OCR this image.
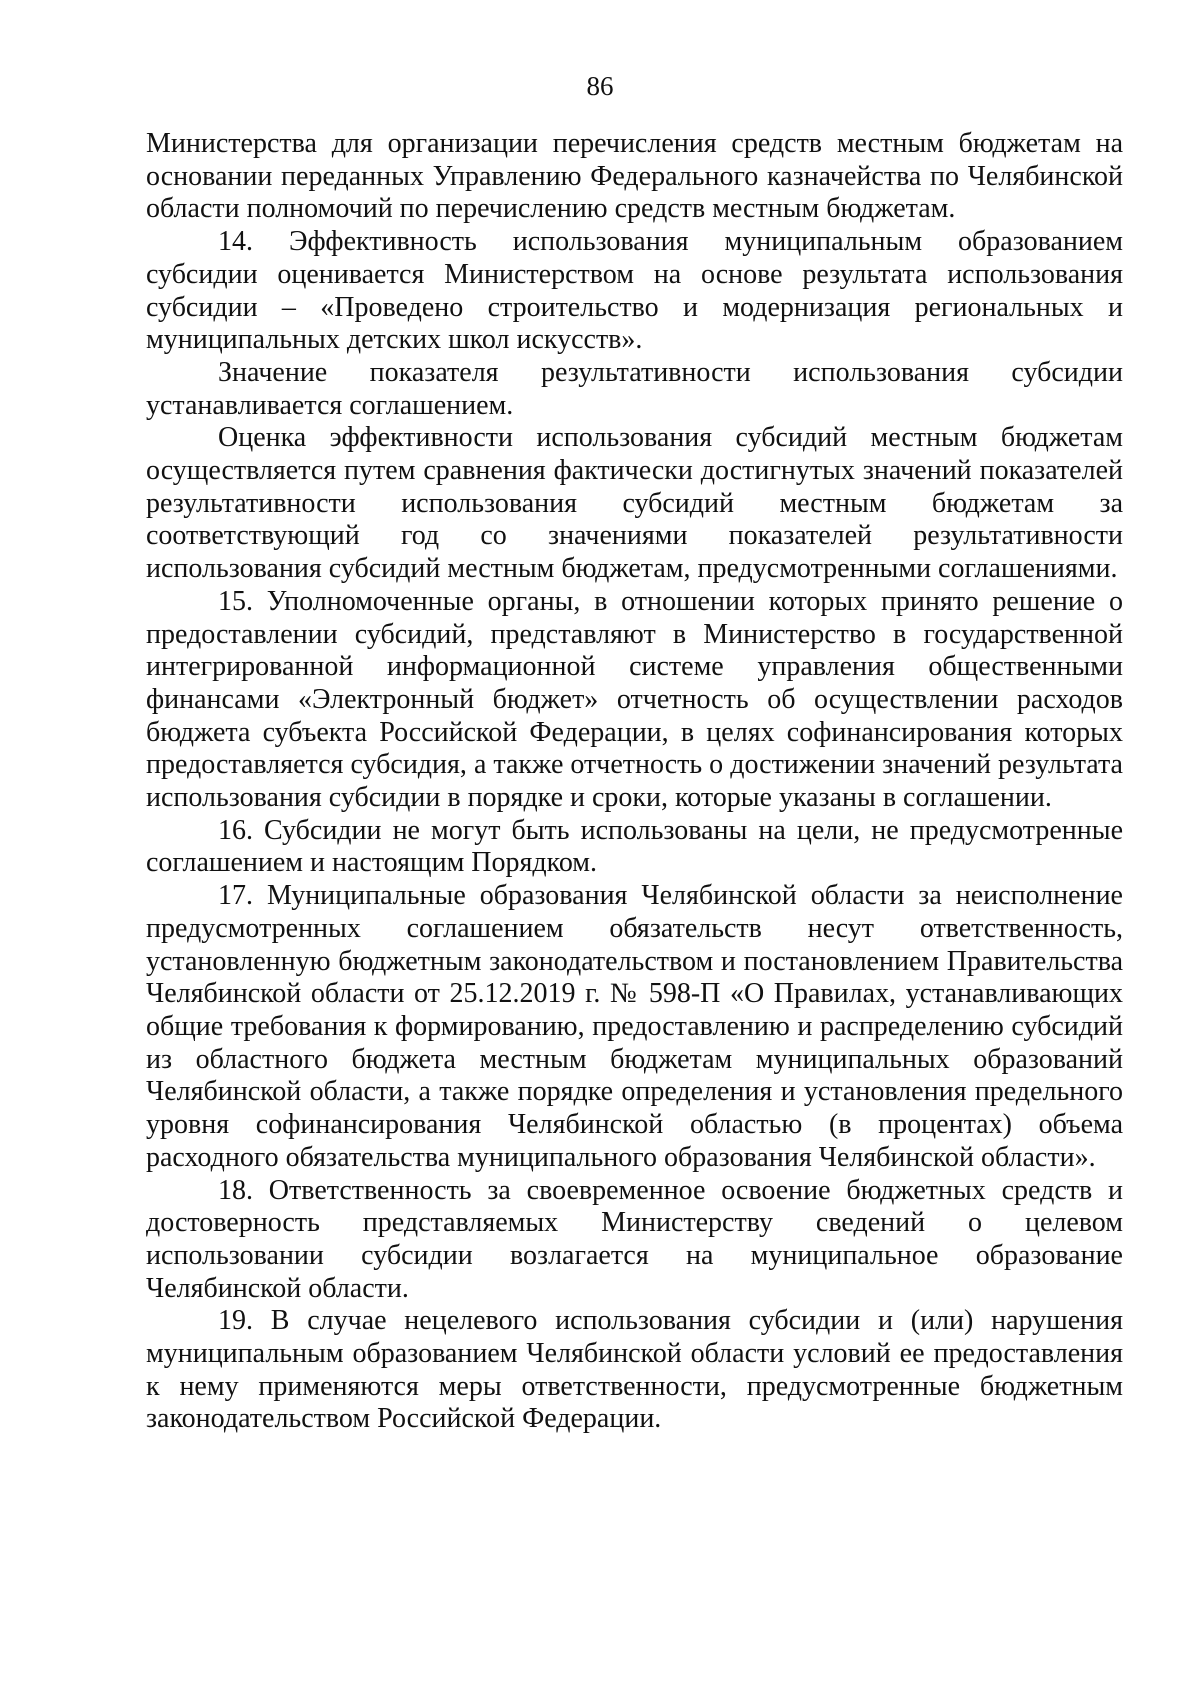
86

Министерства для организации перечисления средств местным бюджетам на основании переданных Управлению Федерального казначейства по Челябинской области полномочий по перечислению средств местным бюджетам.

14. Эффективность использования муниципальным образованием субсидии оценивается Министерством на основе результата использования субсидии – «Проведено строительство и модернизация региональных и муниципальных детских школ искусств».

Значение показателя результативности использования субсидии устанавливается соглашением.

Оценка эффективности использования субсидий местным бюджетам осуществляется путем сравнения фактически достигнутых значений показателей результативности использования субсидий местным бюджетам за соответствующий год со значениями показателей результативности использования субсидий местным бюджетам, предусмотренными соглашениями.

15. Уполномоченные органы, в отношении которых принято решение о предоставлении субсидий, представляют в Министерство в государственной интегрированной информационной системе управления общественными финансами «Электронный бюджет» отчетность об осуществлении расходов бюджета субъекта Российской Федерации, в целях софинансирования которых предоставляется субсидия, а также отчетность о достижении значений результата использования субсидии в порядке и сроки, которые указаны в соглашении.

16. Субсидии не могут быть использованы на цели, не предусмотренные соглашением и настоящим Порядком.

17. Муниципальные образования Челябинской области за неисполнение предусмотренных соглашением обязательств несут ответственность, установленную бюджетным законодательством и постановлением Правительства Челябинской области от 25.12.2019 г. № 598-П «О Правилах, устанавливающих общие требования к формированию, предоставлению и распределению субсидий из областного бюджета местным бюджетам муниципальных образований Челябинской области, а также порядке определения и установления предельного уровня софинансирования Челябинской областью (в процентах) объема расходного обязательства муниципального образования Челябинской области».

18. Ответственность за своевременное освоение бюджетных средств и достоверность представляемых Министерству сведений о целевом использовании субсидии возлагается на муниципальное образование Челябинской области.

19. В случае нецелевого использования субсидии и (или) нарушения муниципальным образованием Челябинской области условий ее предоставления к нему применяются меры ответственности, предусмотренные бюджетным законодательством Российской Федерации.
